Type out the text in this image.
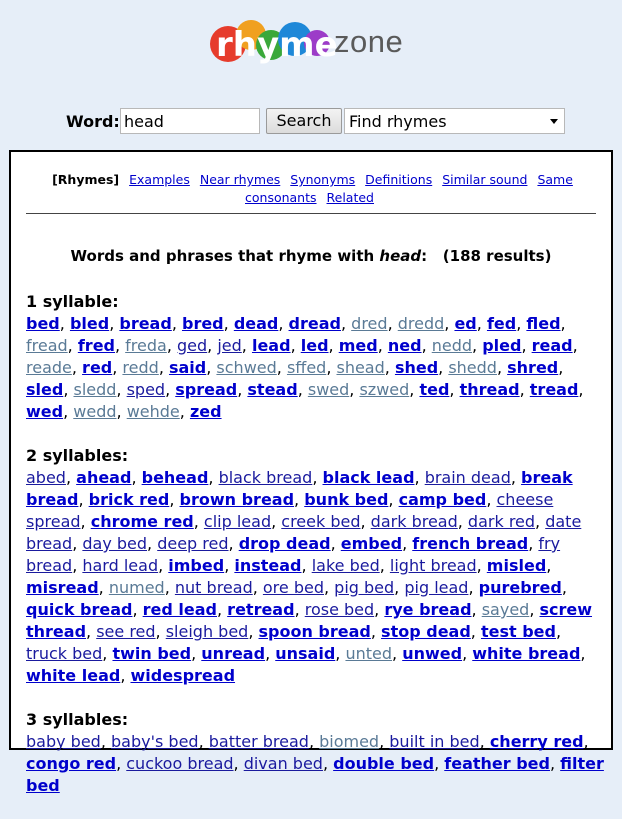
rhyme
zone
Word: head	Search	Find rhymes
[Rhymes] Examples Near rhymes Synonyms Definitions Similar sound Same consonants Related
Words and phrases that rhyme with head: (188 results)
1 syllable:
bed, bled, bread, bred, dead, dread, dred, dredd, ed, fed, fled, fread, fred, freda, ged, jed, lead, led, med, ned, nedd, pled, read, reade, red, redd, said, schwed, sffed, shead, shed, shedd, shred, sled, sledd, sped, spread, stead, swed, szwed, ted, thread, tread, wed, wedd, wehde, zed
2 syllables:
abed, ahead, behead, black bread, black lead, brain dead, break bread, brick red, brown bread, bunk bed, camp bed, cheese spread, chrome red, clip lead, creek bed, dark bread, dark red, date bread, day bed, deep red, drop dead, embed, french bread, fry bread, hard lead, imbed, instead, lake bed, light bread, misled, misread, numed, nut bread, ore bed, pig bed, pig lead, purebred, quick bread, red lead, retread, rose bed, rye bread, sayed, screw thread, see red, sleigh bed, spoon bread, stop dead, test bed, truck bed, twin bed, unread, unsaid, unted, unwed, white bread, white lead, widespread
3 syllables:
baby bed, baby's bed, batter bread, biomed, built in bed, cherry red, congo red, cuckoo bread, divan bed, double bed, feather bed, filter bed
